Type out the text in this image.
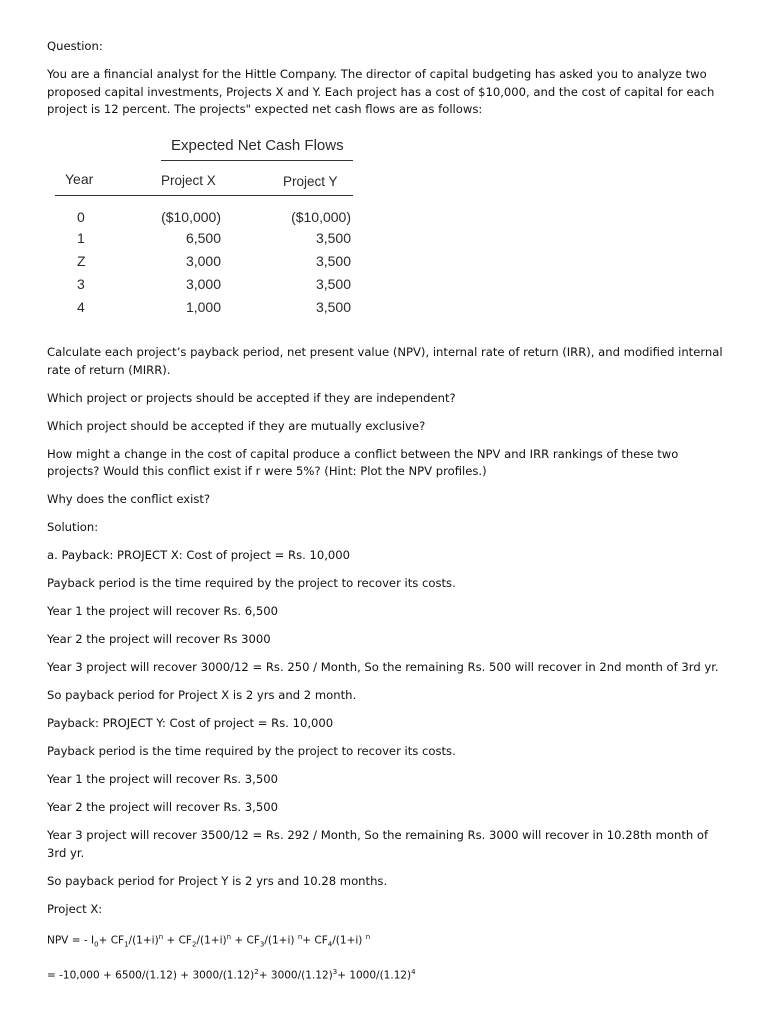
Question:

You are a financial analyst for the Hittle Company. The director of capital budgeting has asked you to analyze two proposed capital investments, Projects X and Y. Each project has a cost of $10,000, and the cost of capital for each project is 12 percent. The projects" expected net cash flows are as follows:

Expected Net Cash Flows
Year	Project X	Project Y
0	($10,000)	($10,000)
1	6,500	3,500
Z	3,000	3,500
3	3,000	3,500
4	1,000	3,500

Calculate each project’s payback period, net present value (NPV), internal rate of return (IRR), and modified internal rate of return (MIRR).

Which project or projects should be accepted if they are independent?

Which project should be accepted if they are mutually exclusive?

How might a change in the cost of capital produce a conflict between the NPV and IRR rankings of these two projects? Would this conflict exist if r were 5%? (Hint: Plot the NPV profiles.)

Why does the conflict exist?

Solution:

a. Payback: PROJECT X: Cost of project = Rs. 10,000

Payback period is the time required by the project to recover its costs.

Year 1 the project will recover Rs. 6,500

Year 2 the project will recover Rs 3000

Year 3 project will recover 3000/12 = Rs. 250 / Month, So the remaining Rs. 500 will recover in 2nd month of 3rd yr.

So payback period for Project X is 2 yrs and 2 month.

Payback: PROJECT Y: Cost of project = Rs. 10,000

Payback period is the time required by the project to recover its costs.

Year 1 the project will recover Rs. 3,500

Year 2 the project will recover Rs. 3,500

Year 3 project will recover 3500/12 = Rs. 292 / Month, So the remaining Rs. 3000 will recover in 10.28th month of 3rd yr.

So payback period for Project Y is 2 yrs and 10.28 months.

Project X:

NPV = - $I_0+ CF_1/(1+i)^n + CF_2/(1+i)^n + CF_3/(1+i)$ $^n+ CF_4/(1+i)$ $^n$

= $-10,000 + 6500/(1.12) + 3000/(1.12)^2+ 3000/(1.12)^3+ 1000/(1.12)^4$
